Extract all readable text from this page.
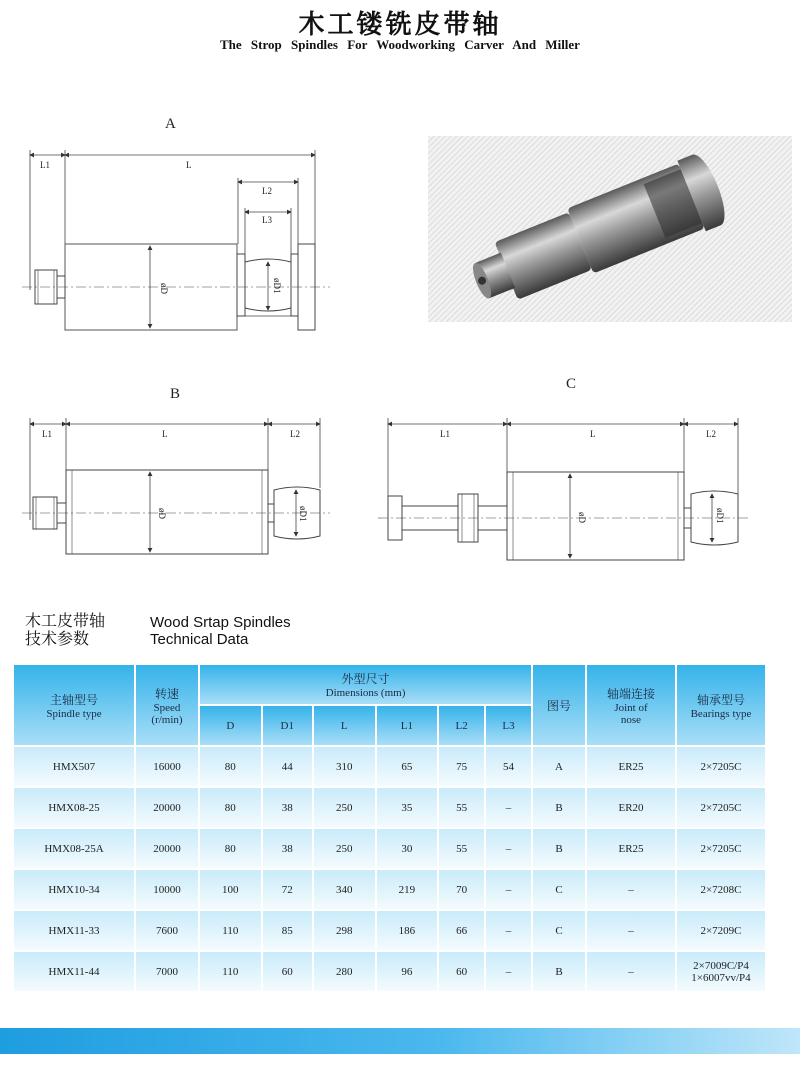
木工镂铣皮带轴
The Strop Spindles For Woodworking Carver And Miller
A
L1	L
L2
L3
øD	øD1
B
L1	L	L2
øD	øD1
C
L1	L	L2
øD	øD1
木工皮带轴
技术参数
Wood Srtap Spindles
Technical Data
主轴型号
Spindle type	转速
Speed
(r/min)	外型尺寸
Dimensions (mm)						图号	轴端连接
Joint of nose	轴承型号
Bearings type

		D	D1	L	L1	L2	L3			
HMX507	16000	80	44	310	65	75	54	A	ER25	2×7205C

HMX08-25	20000	80	38	250	35	55	–	B	ER20	2×7205C

HMX08-25A	20000	80	38	250	30	55	–	B	ER25	2×7205C

HMX10-34	10000	100	72	340	219	70	–	C	–	2×7208C

HMX11-33	7600	110	85	298	186	66	–	C	–	2×7209C

HMX11-44	7000	110	60	280	96	60	–	B	–	2×7009C/P4
1×6007vv/P4
